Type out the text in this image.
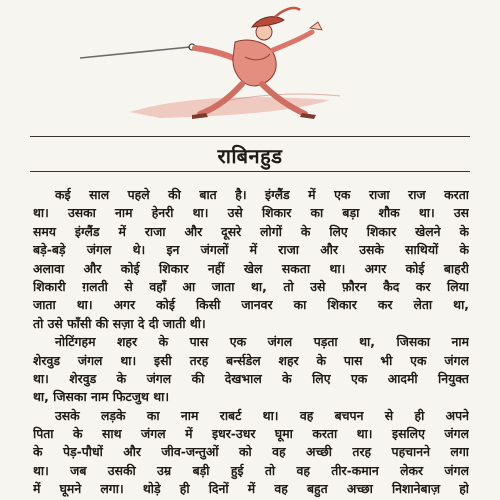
राबिनहुड
कई साल पहले की बात है। इंग्लैंड में एक राजा राज करता
था। उसका नाम हेनरी था। उसे शिकार का बड़ा शौक था। उस
समय इंग्लैंड में राजा और दूसरे लोगों के लिए शिकार खेलने के
बड़े-बड़े जंगल थे। इन जंगलों में राजा और उसके साथियों के
अलावा और कोई शिकार नहीं खेल सकता था। अगर कोई बाहरी
शिकारी ग़लती से वहाँ आ जाता था, तो उसे फ़ौरन कैद कर लिया
जाता था। अगर कोई किसी जानवर का शिकार कर लेता था,
तो उसे फाँसी की सज़ा दे दी जाती थी।
नोटिंगहम शहर के पास एक जंगल पड़ता था, जिसका नाम
शेरवुड जंगल था। इसी तरह बर्न्सडेल शहर के पास भी एक जंगल
था। शेरवुड के जंगल की देखभाल के लिए एक आदमी नियुक्त
था, जिसका नाम फिटजुथ था।
उसके लड़के का नाम राबर्ट था। वह बचपन से ही अपने
पिता के साथ जंगल में इधर-उधर घूमा करता था। इसलिए जंगल
के पेड़-पौधों और जीव-जन्तुओं को वह अच्छी तरह पहचानने लगा
था। जब उसकी उम्र बड़ी हुई तो वह तीर-कमान लेकर जंगल
में घूमने लगा। थोड़े ही दिनों में वह बहुत अच्छा निशानेबाज़ हो
